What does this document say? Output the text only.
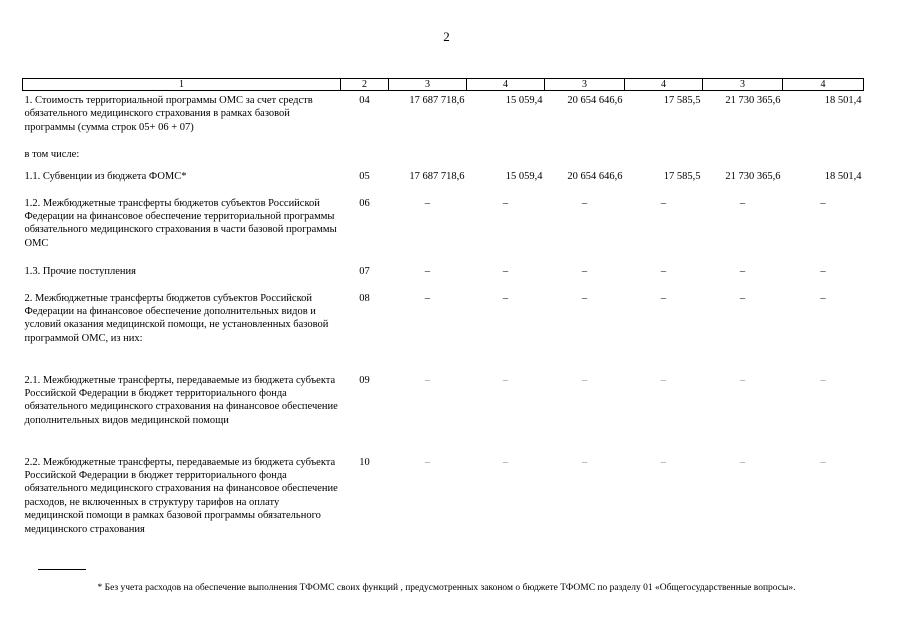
2
1	2	3	4	3	4	3	4
1. Стоимость территориальной программы ОМС за счет средств обязательного медицинского страхования в рамках базовой программы (сумма строк 05+ 06 + 07)	04	17 687 718,6	15 059,4	20 654 646,6	17 585,5	21 730 365,6	18 501,4
в том числе:							
1.1. Субвенции из бюджета ФОМС*	05	17 687 718,6	15 059,4	20 654 646,6	17 585,5	21 730 365,6	18 501,4
1.2. Межбюджетные трансферты бюджетов субъектов Российской Федерации на финансовое обеспечение территориальной программы обязательного медицинского страхования в части базовой программы ОМС	06	–	–	–	–	–	–
1.3. Прочие поступления	07	–	–	–	–	–	–
2. Межбюджетные трансферты бюджетов субъектов Российской Федерации на финансовое обеспечение дополнительных видов и условий оказания медицинской помощи, не установленных базовой программой ОМС, из них:	08	–	–	–	–	–	–
2.1. Межбюджетные трансферты, передаваемые из бюджета субъекта Российской Федерации в бюджет территориального фонда обязательного медицинского страхования на финансовое обеспечение дополнительных видов медицинской помощи	09	–	–	–	–	–	–
2.2. Межбюджетные трансферты, передаваемые из бюджета субъекта Российской Федерации в бюджет территориального фонда обязательного медицинского страхования на финансовое обеспечение расходов, не включенных в структуру тарифов на оплату медицинской помощи в рамках базовой программы обязательного медицинского страхования	10	–	–	–	–	–	–
* Без учета расходов на обеспечение выполнения ТФОМС своих функций , предусмотренных законом о бюджете ТФОМС по разделу 01 «Общегосударственные вопросы».
